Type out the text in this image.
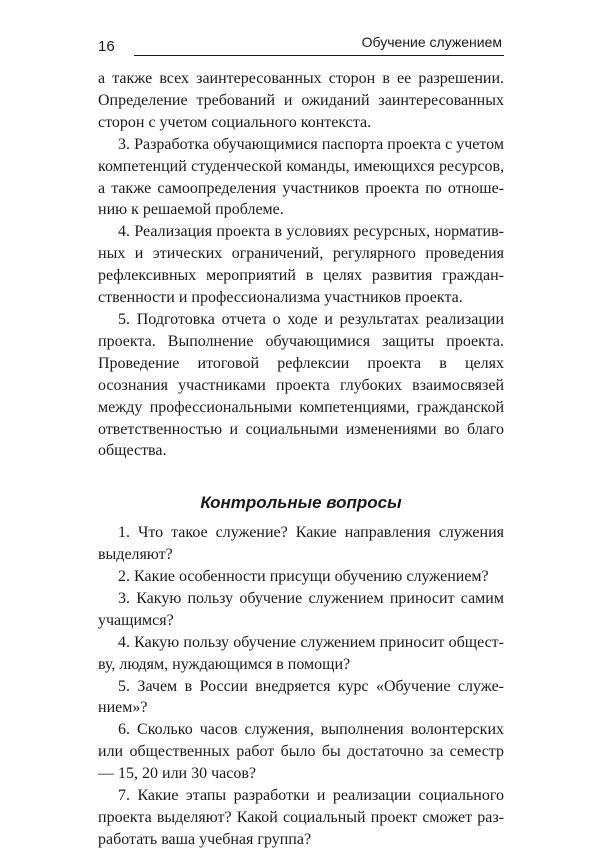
16	Обучение служением

а также всех заинтересованных сторон в ее разрешении. Определение требований и ожиданий заинтересованных сторон с учетом социального контекста.

3. Разработка обучающимися паспорта проекта с учетом компетенций студенческой команды, имеющихся ресурсов, а также самоопределения участников проекта по отношению к решаемой проблеме.

4. Реализация проекта в условиях ресурсных, нормативных и этических ограничений, регулярного проведения рефлексивных мероприятий в целях развития гражданственности и профессионализма участников проекта.

5. Подготовка отчета о ходе и результатах реализации проекта. Выполнение обучающимися защиты проекта. Проведение итоговой рефлексии проекта в целях осознания участниками проекта глубоких взаимосвязей между профессиональными компетенциями, гражданской ответственностью и социальными изменениями во благо общества.

Контрольные вопросы

1. Что такое служение? Какие направления служения выделяют?

2. Какие особенности присущи обучению служением?

3. Какую пользу обучение служением приносит самим учащимся?

4. Какую пользу обучение служением приносит обществу, людям, нуждающимся в помощи?

5. Зачем в России внедряется курс «Обучение служением»?

6. Сколько часов служения, выполнения волонтерских или общественных работ было бы достаточно за семестр — 15, 20 или 30 часов?

7. Какие этапы разработки и реализации социального проекта выделяют? Какой социальный проект сможет разработать ваша учебная группа?
